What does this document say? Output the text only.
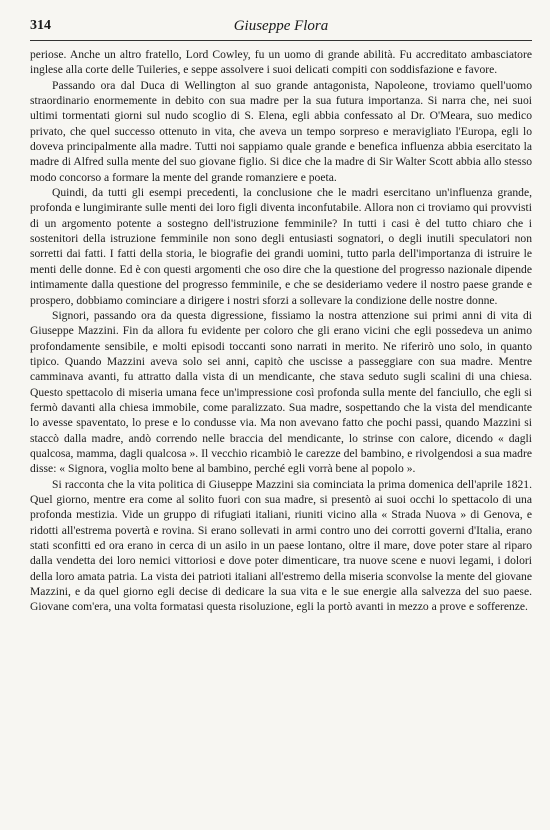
314	Giuseppe Flora

periose. Anche un altro fratello, Lord Cowley, fu un uomo di grande abilità. Fu accreditato ambasciatore inglese alla corte delle Tuileries, e seppe assolvere i suoi delicati compiti con soddisfazione e favore.

Passando ora dal Duca di Wellington al suo grande antagonista, Napoleone, troviamo quell'uomo straordinario enormemente in debito con sua madre per la sua futura importanza. Si narra che, nei suoi ultimi tormentati giorni sul nudo scoglio di S. Elena, egli abbia confessato al Dr. O'Meara, suo medico privato, che quel successo ottenuto in vita, che aveva un tempo sorpreso e meravigliato l'Europa, egli lo doveva principalmente alla madre. Tutti noi sappiamo quale grande e benefica influenza abbia esercitato la madre di Alfred sulla mente del suo giovane figlio. Si dice che la madre di Sir Walter Scott abbia allo stesso modo concorso a formare la mente del grande romanziere e poeta.

Quindi, da tutti gli esempi precedenti, la conclusione che le madri esercitano un'influenza grande, profonda e lungimirante sulle menti dei loro figli diventa inconfutabile. Allora non ci troviamo qui provvisti di un argomento potente a sostegno dell'istruzione femminile? In tutti i casi è del tutto chiaro che i sostenitori della istruzione femminile non sono degli entusiasti sognatori, o degli inutili speculatori non sorretti dai fatti. I fatti della storia, le biografie dei grandi uomini, tutto parla dell'importanza di istruire le menti delle donne. Ed è con questi argomenti che oso dire che la questione del progresso nazionale dipende intimamente dalla questione del progresso femminile, e che se desideriamo vedere il nostro paese grande e prospero, dobbiamo cominciare a dirigere i nostri sforzi a sollevare la condizione delle nostre donne.

Signori, passando ora da questa digressione, fissiamo la nostra attenzione sui primi anni di vita di Giuseppe Mazzini. Fin da allora fu evidente per coloro che gli erano vicini che egli possedeva un animo profondamente sensibile, e molti episodi toccanti sono narrati in merito. Ne riferirò uno solo, in quanto tipico. Quando Mazzini aveva solo sei anni, capitò che uscisse a passeggiare con sua madre. Mentre camminava avanti, fu attratto dalla vista di un mendicante, che stava seduto sugli scalini di una chiesa. Questo spettacolo di miseria umana fece un'impressione così profonda sulla mente del fanciullo, che egli si fermò davanti alla chiesa immobile, come paralizzato. Sua madre, sospettando che la vista del mendicante lo avesse spaventato, lo prese e lo condusse via. Ma non avevano fatto che pochi passi, quando Mazzini si staccò dalla madre, andò correndo nelle braccia del mendicante, lo strinse con calore, dicendo « dagli qualcosa, mamma, dagli qualcosa ». Il vecchio ricambiò le carezze del bambino, e rivolgendosi a sua madre disse: « Signora, voglia molto bene al bambino, perché egli vorrà bene al popolo ».

Si racconta che la vita politica di Giuseppe Mazzini sia cominciata la prima domenica dell'aprile 1821. Quel giorno, mentre era come al solito fuori con sua madre, si presentò ai suoi occhi lo spettacolo di una profonda mestizia. Vide un gruppo di rifugiati italiani, riuniti vicino alla « Strada Nuova » di Genova, e ridotti all'estrema povertà e rovina. Si erano sollevati in armi contro uno dei corrotti governi d'Italia, erano stati sconfitti ed ora erano in cerca di un asilo in un paese lontano, oltre il mare, dove poter stare al riparo dalla vendetta dei loro nemici vittoriosi e dove poter dimenticare, tra nuove scene e nuovi legami, i dolori della loro amata patria. La vista dei patrioti italiani all'estremo della miseria sconvolse la mente del giovane Mazzini, e da quel giorno egli decise di dedicare la sua vita e le sue energie alla salvezza del suo paese. Giovane com'era, una volta formatasi questa risoluzione, egli la portò avanti in mezzo a prove e sofferenze.
